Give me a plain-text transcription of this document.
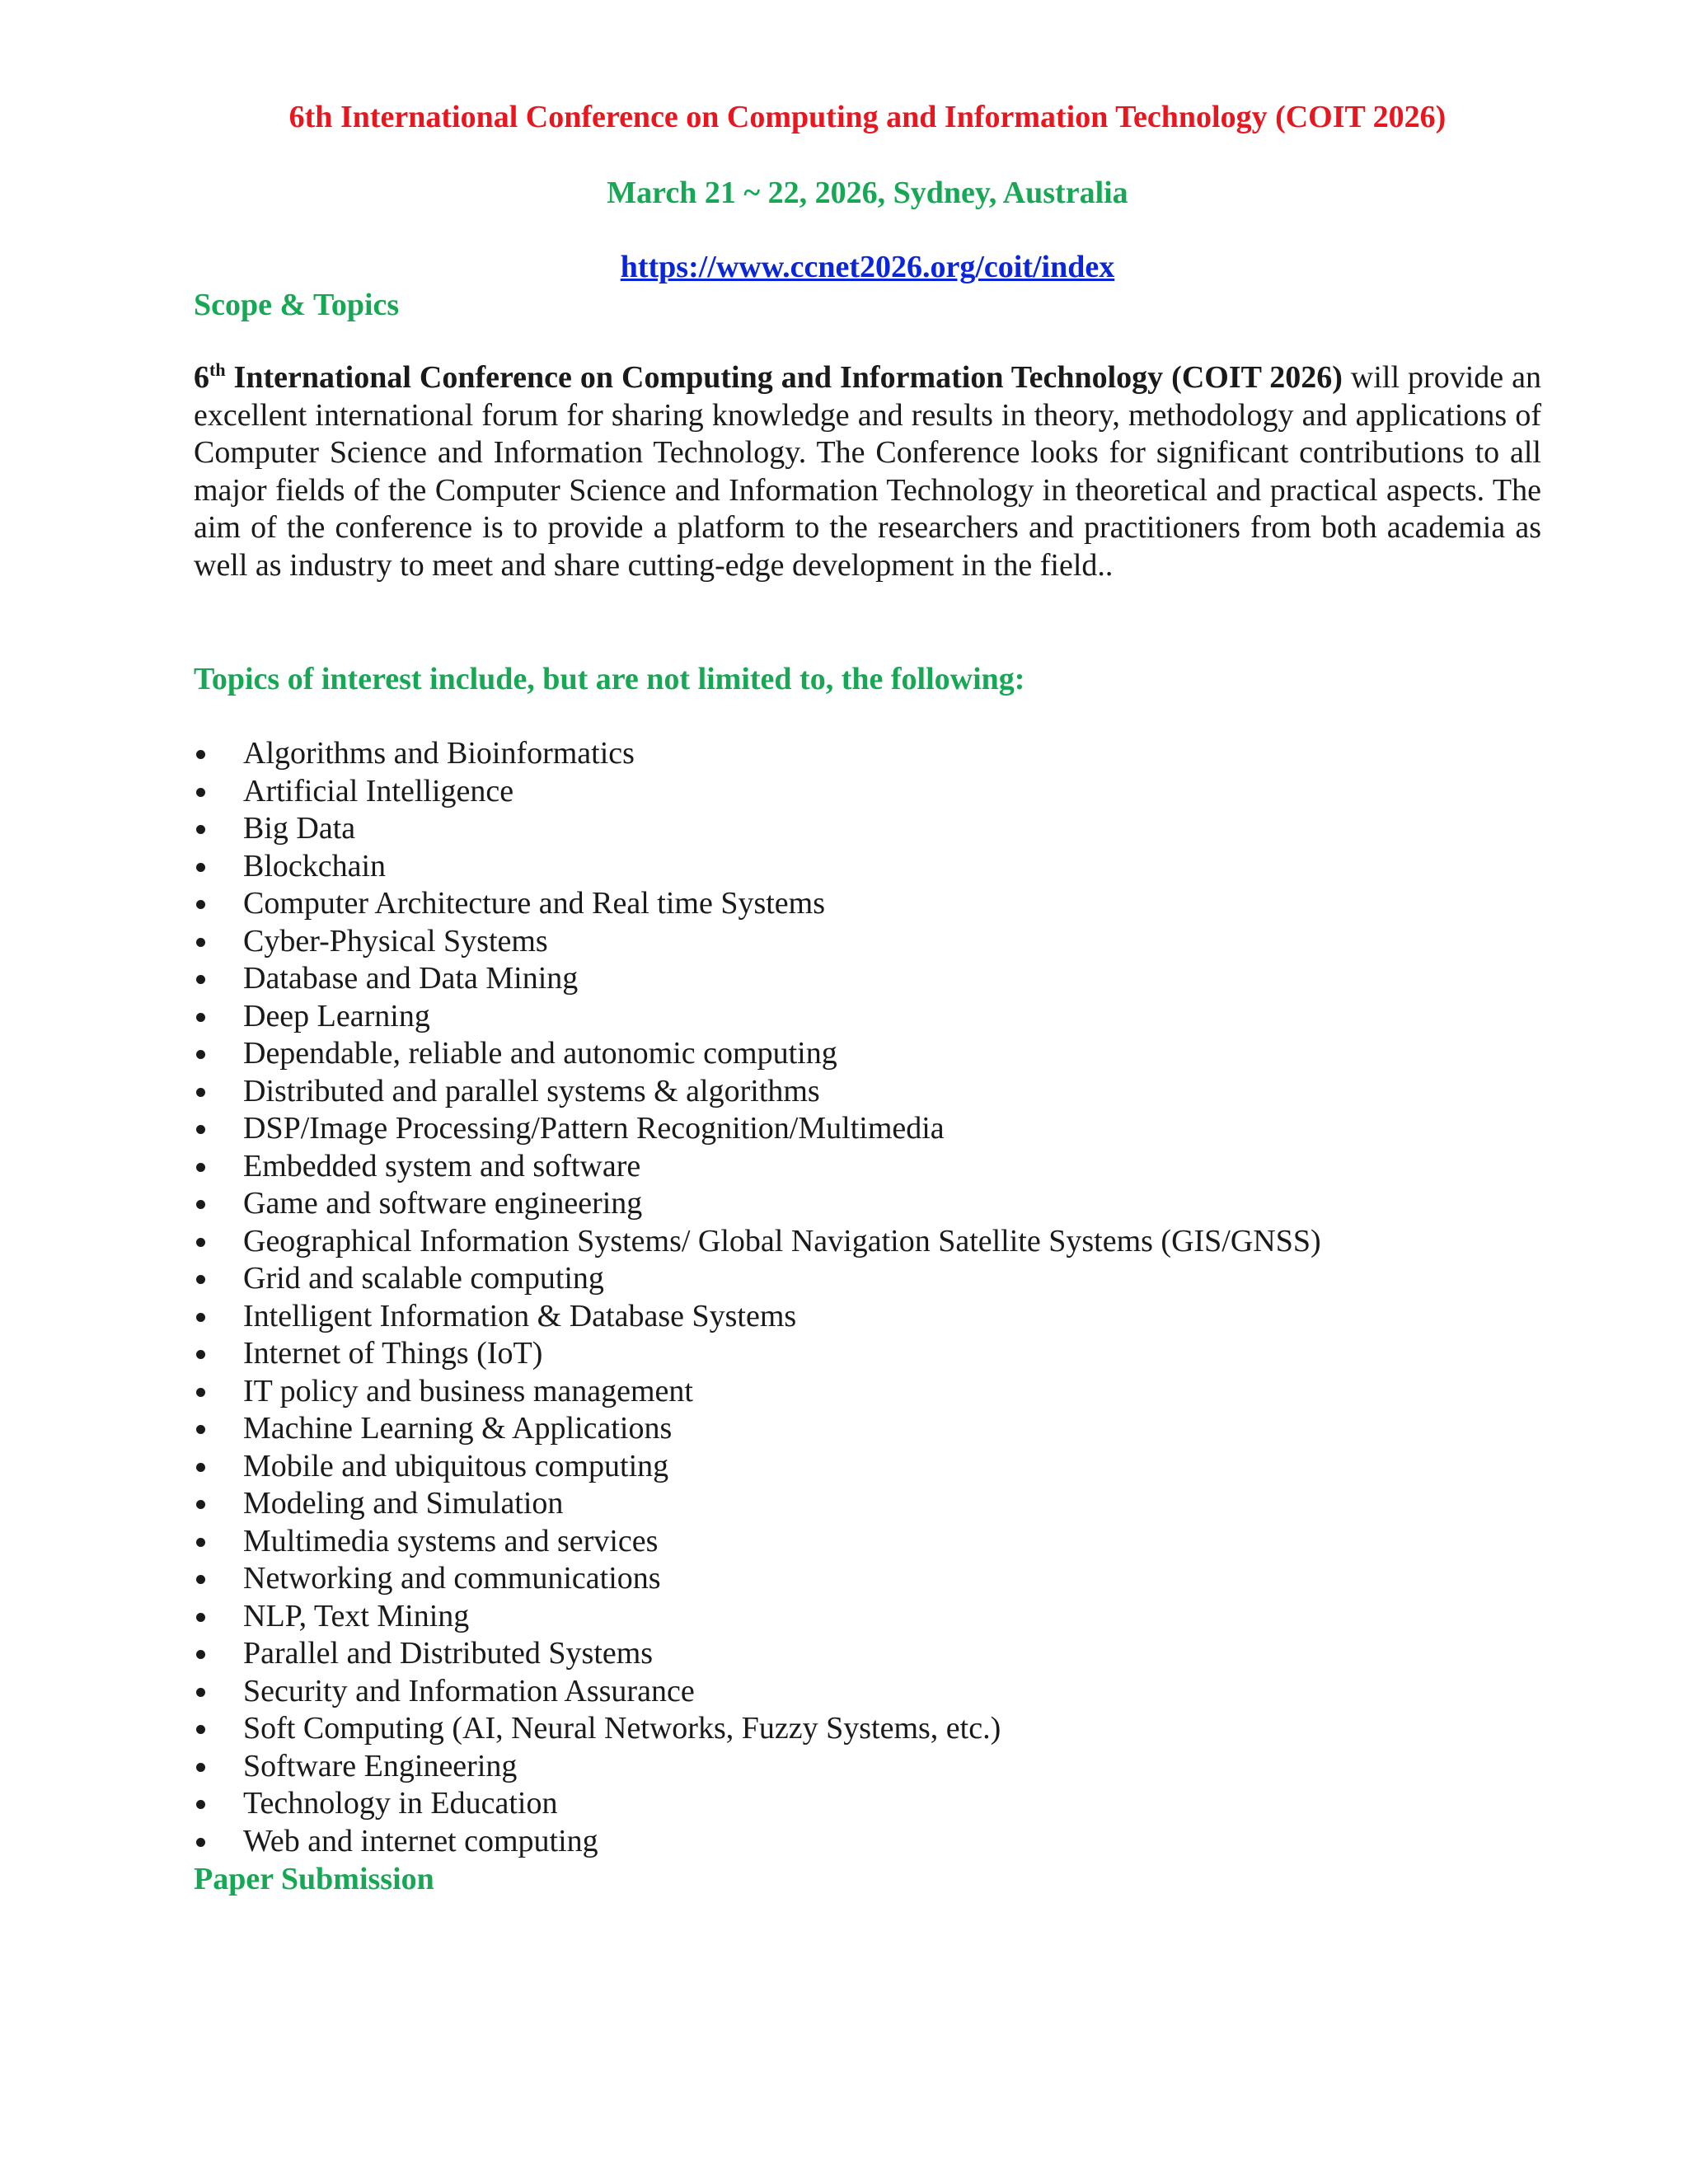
6th International Conference on Computing and Information Technology (COIT 2026)

March 21 ~ 22, 2026, Sydney, Australia

https://www.ccnet2026.org/coit/index

Scope & Topics

6th International Conference on Computing and Information Technology (COIT 2026) will provide an excellent international forum for sharing knowledge and results in theory, methodology and applications of Computer Science and Information Technology. The Conference looks for significant contributions to all major fields of the Computer Science and Information Technology in theoretical and practical aspects. The aim of the conference is to provide a platform to the researchers and practitioners from both academia as well as industry to meet and share cutting-edge development in the field..

Topics of interest include, but are not limited to, the following:
Algorithms and Bioinformatics
Artificial Intelligence
Big Data
Blockchain
Computer Architecture and Real time Systems
Cyber-Physical Systems
Database and Data Mining
Deep Learning
Dependable, reliable and autonomic computing
Distributed and parallel systems & algorithms
DSP/Image Processing/Pattern Recognition/Multimedia
Embedded system and software
Game and software engineering
Geographical Information Systems/ Global Navigation Satellite Systems (GIS/GNSS)
Grid and scalable computing
Intelligent Information & Database Systems
Internet of Things (IoT)
IT policy and business management
Machine Learning & Applications
Mobile and ubiquitous computing
Modeling and Simulation
Multimedia systems and services
Networking and communications
NLP, Text Mining
Parallel and Distributed Systems
Security and Information Assurance
Soft Computing (AI, Neural Networks, Fuzzy Systems, etc.)
Software Engineering
Technology in Education
Web and internet computing
Paper Submission
